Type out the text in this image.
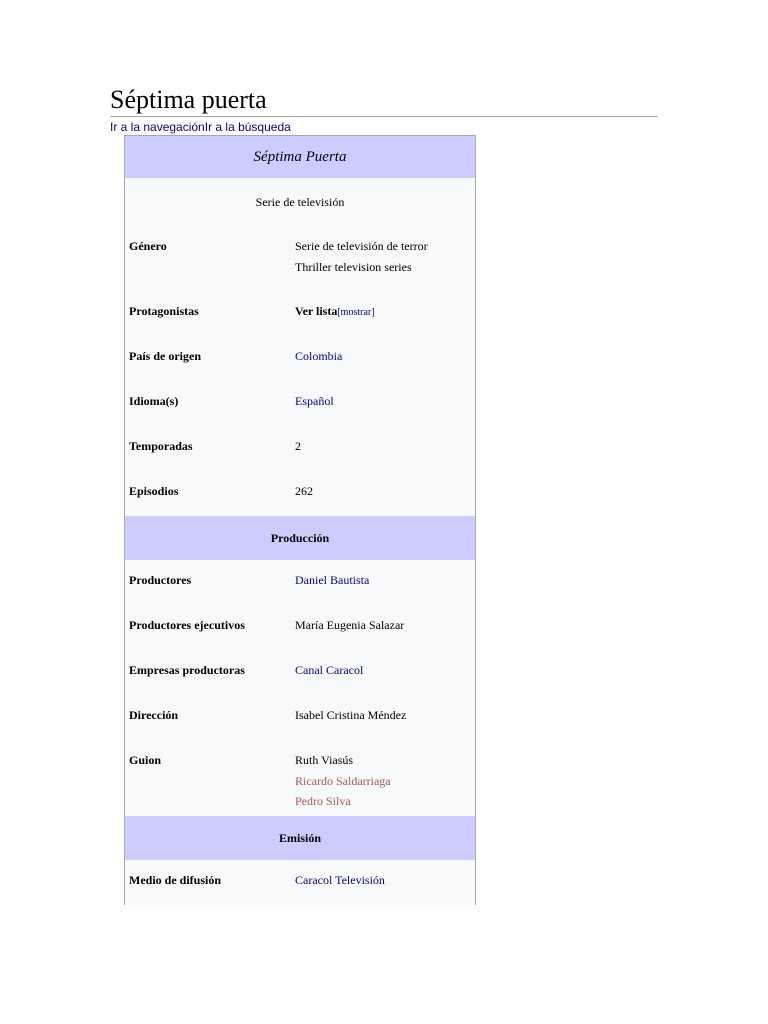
Séptima puerta
Ir a la navegaciónIr a la búsqueda
Séptima Puerta
Serie de televisión
Género	Serie de televisión de terror
Thriller television series
Protagonistas	Ver lista[mostrar]
País de origen	Colombia
Idioma(s)	Español
Temporadas	2
Episodios	262
Producción
Productores	Daniel Bautista
Productores ejecutivos	María Eugenia Salazar
Empresas productoras	Canal Caracol
Dirección	Isabel Cristina Méndez
Guion	Ruth Viasús
Ricardo Saldarriaga
Pedro Silva
Emisión
Medio de difusión	Caracol Televisión
